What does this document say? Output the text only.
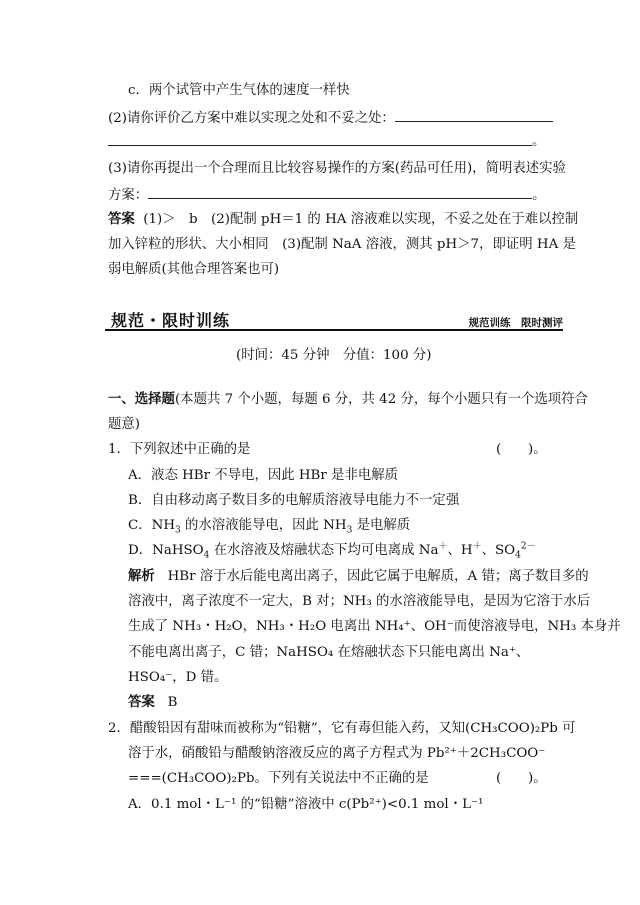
c．两个试管中产生气体的速度一样快
(2)请你评价乙方案中难以实现之处和不妥之处：
。
(3)请你再提出一个合理而且比较容易操作的方案(药品可任用)，简明表述实验
方案：	。
答案 (1)＞　b　(2)配制 pH＝1 的 HA 溶液难以实现，不妥之处在于难以控制
加入锌粒的形状、大小相同　(3)配制 NaA 溶液，测其 pH＞7，即证明 HA 是
弱电解质(其他合理答案也可)
规范・限时训练	规范训练　限时测评
(时间：45 分钟　分值：100 分)
一、选择题(本题共 7 个小题，每题 6 分，共 42 分，每个小题只有一个选项符合
题意)
1．下列叙述中正确的是	(　　)。
A．液态 HBr 不导电，因此 HBr 是非电解质
B．自由移动离子数目多的电解质溶液导电能力不一定强
C．$NH_3$ 的水溶液能导电，因此 $NH_3$ 是电解质
D．NaHSO$_4$ 在水溶液及熔融状态下均可电离成 Na＋、H＋、$SO_4^{2-}$
解析 HBr 溶于水后能电离出离子，因此它属于电解质，A 错；离子数目多的
溶液中，离子浓度不一定大，B 对；NH₃ 的水溶液能导电，是因为它溶于水后
生成了 NH₃・H₂O，NH₃・H₂O 电离出 NH₄⁺、OH⁻而使溶液导电，NH₃ 本身并
不能电离出离子，C 错；NaHSO₄ 在熔融状态下只能电离出 Na⁺、
HSO₄⁻，D 错。
答案 B
2．醋酸铅因有甜味而被称为“铅糖”，它有毒但能入药，又知(CH₃COO)₂Pb 可
溶于水，硝酸铅与醋酸钠溶液反应的离子方程式为 Pb²⁺＋2CH₃COO⁻
===(CH₃COO)₂Pb。下列有关说法中不正确的是	(　　)。
A．0.1 mol・L⁻¹ 的“铅糖”溶液中 c(Pb²⁺)<0.1 mol・L⁻¹
